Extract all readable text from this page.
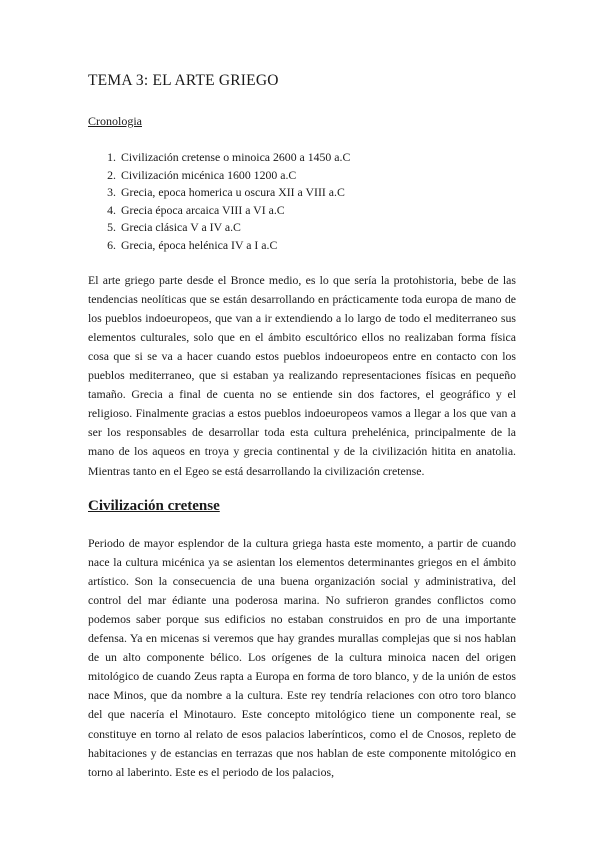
TEMA 3: EL ARTE GRIEGO
Cronologia
1. Civilización cretense o minoica 2600 a 1450 a.C
2. Civilización micénica 1600 1200 a.C
3. Grecia, epoca homerica u oscura XII a VIII a.C
4. Grecia época arcaica VIII a VI a.C
5. Grecia clásica V a IV a.C
6. Grecia, época helénica IV a I a.C

El arte griego parte desde el Bronce medio, es lo que sería la protohistoria, bebe de las tendencias neolíticas que se están desarrollando en prácticamente toda europa de mano de los pueblos indoeuropeos, que van a ir extendiendo a lo largo de todo el mediterraneo sus elementos culturales, solo que en el ámbito escultórico ellos no realizaban forma física cosa que si se va a hacer cuando estos pueblos indoeuropeos entre en contacto con los pueblos mediterraneo, que si estaban ya realizando representaciones físicas en pequeño tamaño. Grecia a final de cuenta no se entiende sin dos factores, el geográfico y el religioso. Finalmente gracias a estos pueblos indoeuropeos vamos a llegar a los que van a ser los responsables de desarrollar toda esta cultura prehelénica, principalmente de la mano de los aqueos en troya y grecia continental y de la civilización hitita en anatolia. Mientras tanto en el Egeo se está desarrollando la civilización cretense.

Civilización cretense

Periodo de mayor esplendor de la cultura griega hasta este momento, a partir de cuando nace la cultura micénica ya se asientan los elementos determinantes griegos en el ámbito artístico. Son la consecuencia de una buena organización social y administrativa, del control del mar édiante una poderosa marina. No sufrieron grandes conflictos como podemos saber porque sus edificios no estaban construidos en pro de una importante defensa. Ya en micenas si veremos que hay grandes murallas complejas que si nos hablan de un alto componente bélico. Los orígenes de la cultura minoica nacen del origen mitológico de cuando Zeus rapta a Europa en forma de toro blanco, y de la unión de estos nace Minos, que da nombre a la cultura. Este rey tendría relaciones con otro toro blanco del que nacería el Minotauro. Este concepto mitológico tiene un componente real, se constituye en torno al relato de esos palacios laberínticos, como el de Cnosos, repleto de habitaciones y de estancias en terrazas que nos hablan de este componente mitológico en torno al laberinto. Este es el periodo de los palacios,
